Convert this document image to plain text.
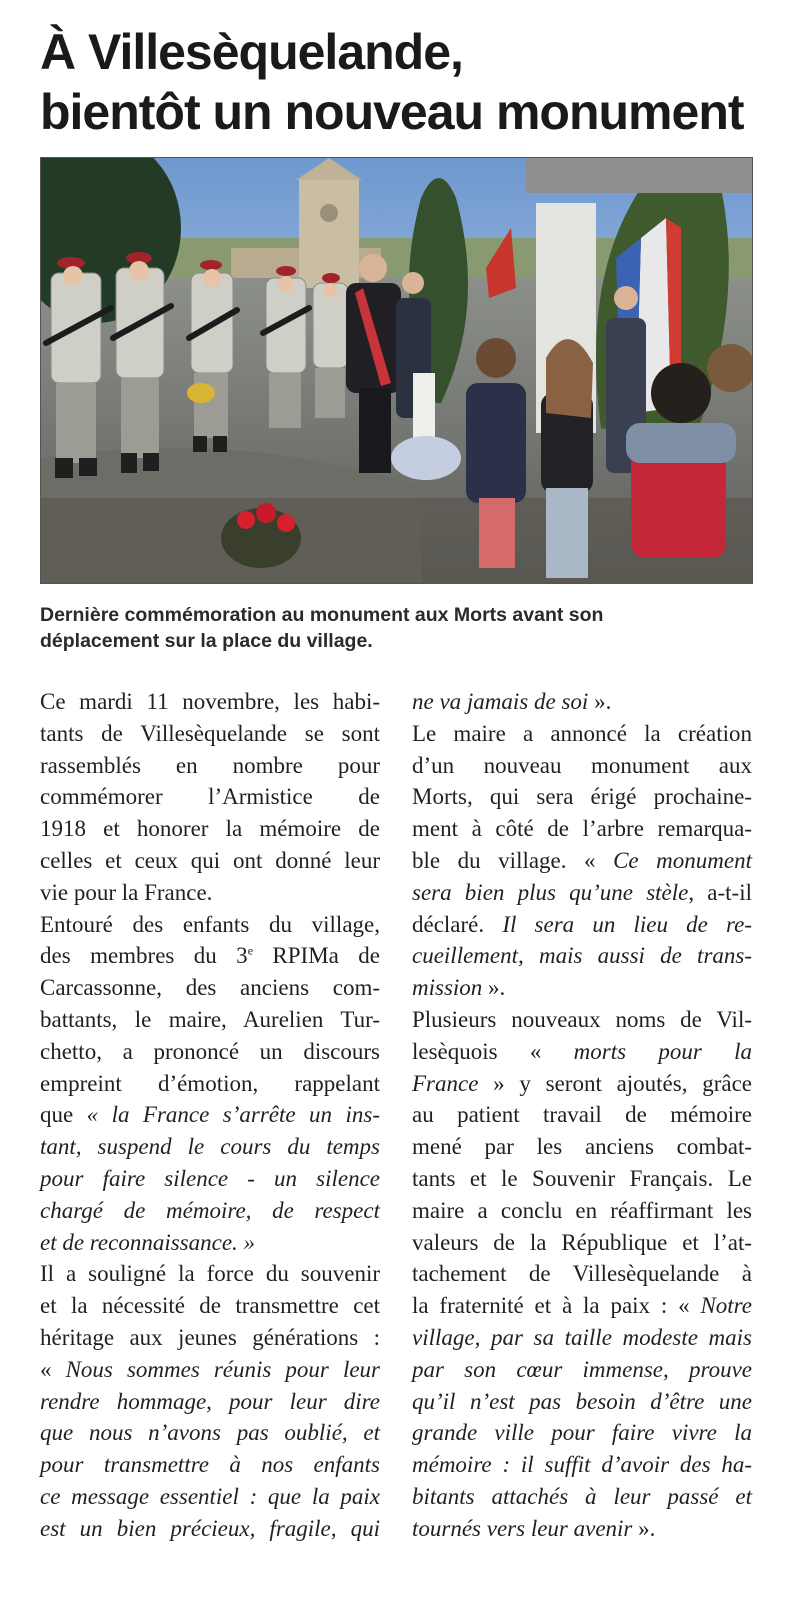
À Villesèquelande,
bientôt un nouveau monument

Dernière commémoration au monument aux Morts avant son
déplacement sur la place du village.

Ce mardi 11 novembre, les habi-
tants de Villesèquelande se sont
rassemblés en nombre pour
commémorer l’Armistice de
1918 et honorer la mémoire de
celles et ceux qui ont donné leur
vie pour la France.
Entouré des enfants du village,
des membres du 3e RPIMa de
Carcassonne, des anciens com-
battants, le maire, Aurelien Tur-
chetto, a prononcé un discours
empreint d’émotion, rappelant
que « la France s’arrête un ins-
tant, suspend le cours du temps
pour faire silence - un silence
chargé de mémoire, de respect
et de reconnaissance. »
Il a souligné la force du souvenir
et la nécessité de transmettre cet
héritage aux jeunes générations :
« Nous sommes réunis pour leur
rendre hommage, pour leur dire
que nous n’avons pas oublié, et
pour transmettre à nos enfants
ce message essentiel : que la paix
est un bien précieux, fragile, qui
ne va jamais de soi ».
Le maire a annoncé la création
d’un nouveau monument aux
Morts, qui sera érigé prochaine-
ment à côté de l’arbre remarqua-
ble du village. « Ce monument
sera bien plus qu’une stèle, a-t-il
déclaré. Il sera un lieu de re-
cueillement, mais aussi de trans-
mission ».
Plusieurs nouveaux noms de Vil-
lesèquois « morts pour la
France » y seront ajoutés, grâce
au patient travail de mémoire
mené par les anciens combat-
tants et le Souvenir Français. Le
maire a conclu en réaffirmant les
valeurs de la République et l’at-
tachement de Villesèquelande à
la fraternité et à la paix : « Notre
village, par sa taille modeste mais
par son cœur immense, prouve
qu’il n’est pas besoin d’être une
grande ville pour faire vivre la
mémoire : il suffit d’avoir des ha-
bitants attachés à leur passé et
tournés vers leur avenir ».
